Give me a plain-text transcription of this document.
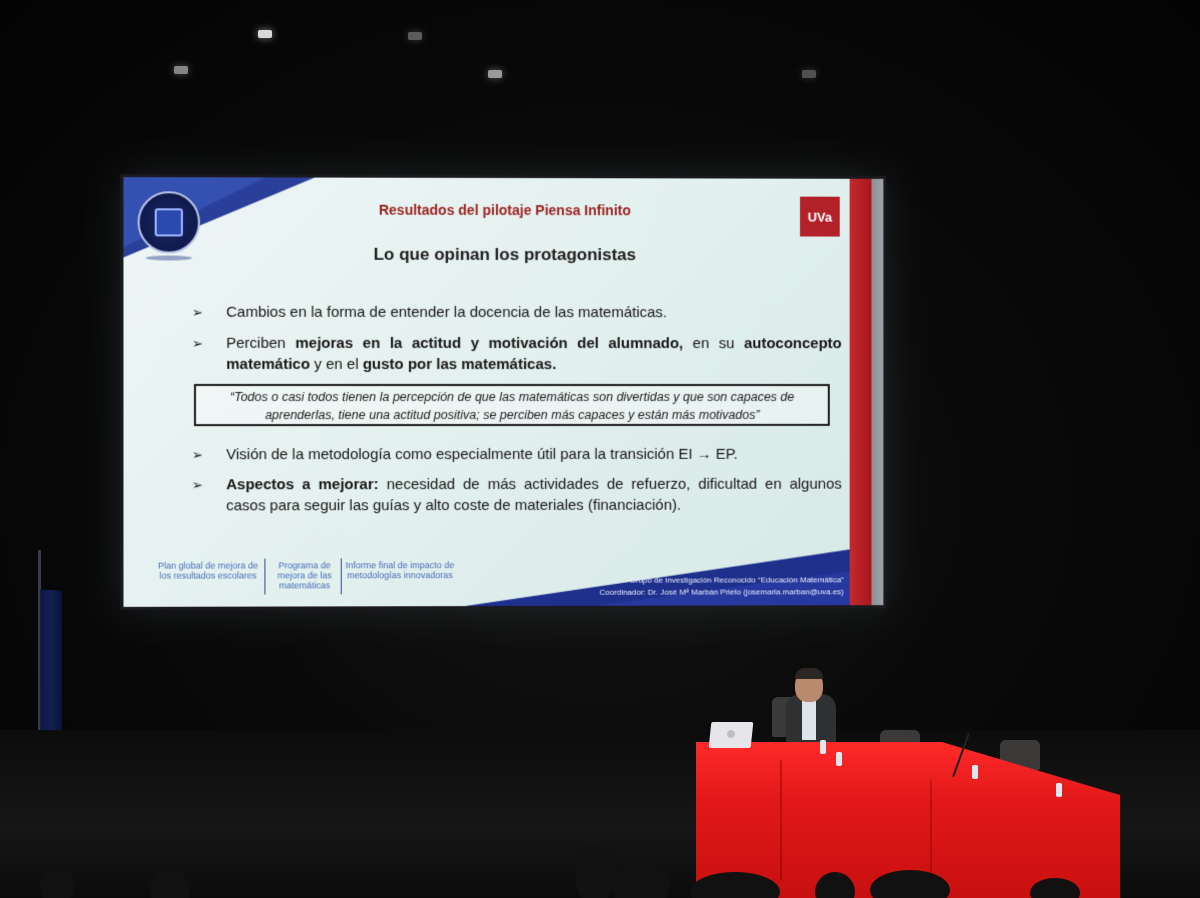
Resultados del pilotaje Piensa Infinito	UVa
Lo que opinan los protagonistas
➢ Cambios en la forma de entender la docencia de las matemáticas.
➢ Perciben mejoras en la actitud y motivación del alumnado, en su autoconcepto matemático y en el gusto por las matemáticas.
“Todos o casi todos tienen la percepción de que las matemáticas son divertidas y que son capaces de aprenderlas, tiene una actitud positiva; se perciben más capaces y están más motivados”
➢ Visión de la metodología como especialmente útil para la transición EI → EP.
➢ Aspectos a mejorar: necesidad de más actividades de refuerzo, dificultad en algunos casos para seguir las guías y alto coste de materiales (financiación).
Plan global de mejora de los resultados escolares
Programa de mejora de las matemáticas
Informe final de impacto de metodologías innovadoras	Grupo de Investigación Reconocido “Educación Matemática”
Coordinador: Dr. José Mª Marbán Prieto (josemaria.marban@uva.es)
